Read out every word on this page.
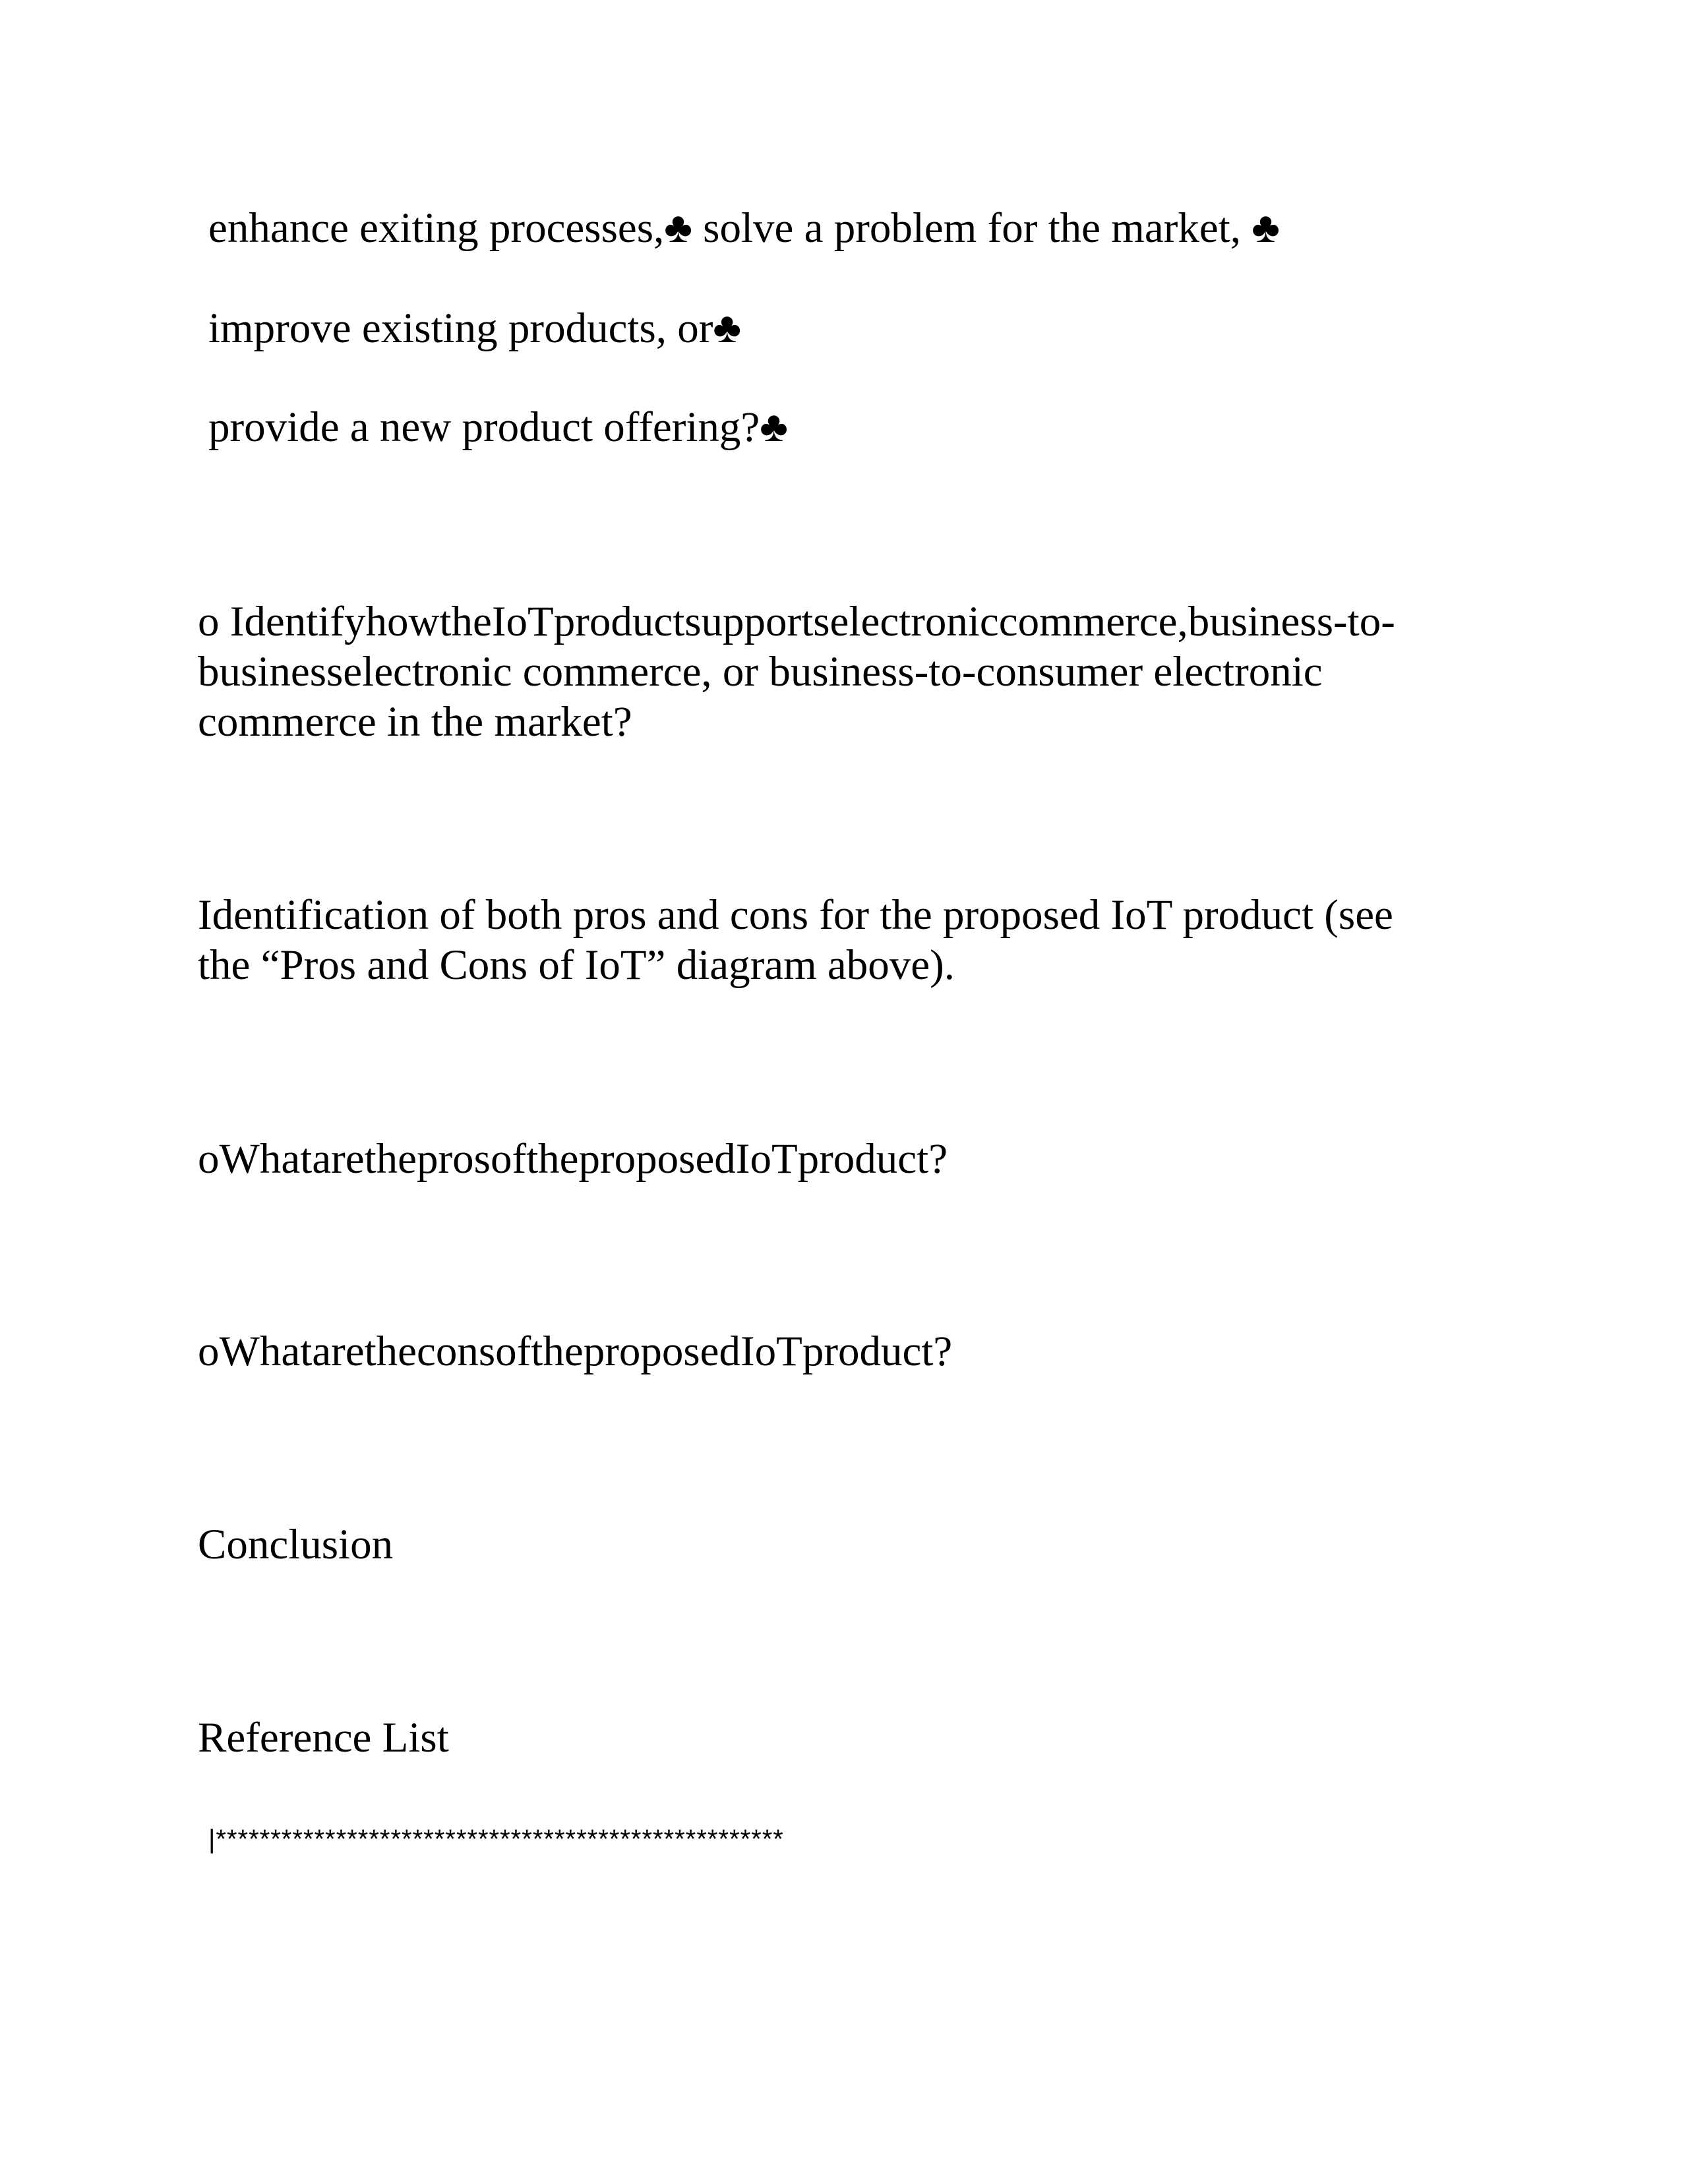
enhance exiting processes,♣ solve a problem for the market, ♣

improve existing products, or♣

provide a new product offering?♣

o IdentifyhowtheIoTproductsupportselectroniccommerce,business-to-
businesselectronic commerce, or business-to-consumer electronic
commerce in the market?
Identification of both pros and cons for the proposed IoT product (see
the “Pros and Cons of IoT” diagram above).

oWhataretheprosoftheproposedIoTproduct?

oWhataretheconsoftheproposedIoTproduct?

Conclusion

Reference List

|****************************************************
